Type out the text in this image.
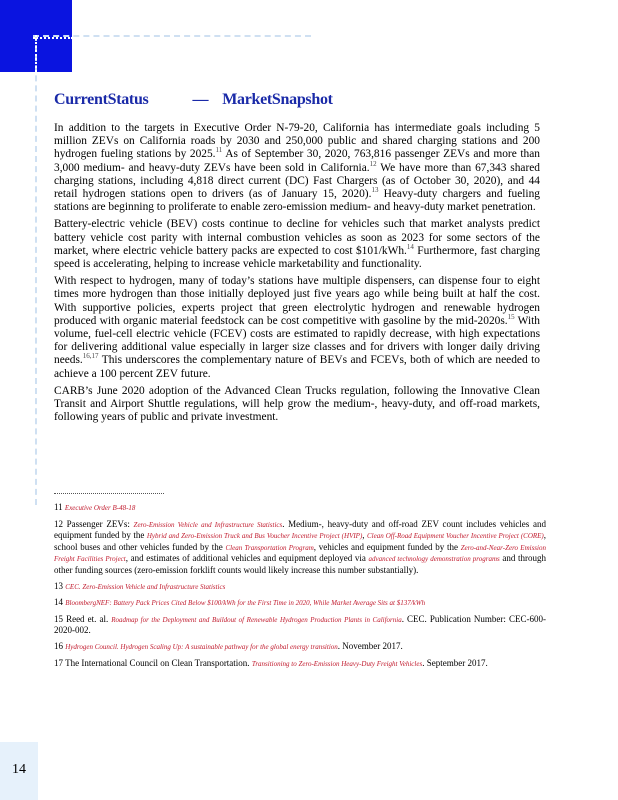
CurrentStatus	— MarketSnapshot

In addition to the targets in Executive Order N-79-20, California has intermediate goals including 5 million ZEVs on California roads by 2030 and 250,000 public and shared charging stations and 200 hydrogen fueling stations by 2025.11 As of September 30, 2020, 763,816 passenger ZEVs and more than 3,000 medium- and heavy-duty ZEVs have been sold in California.$^{12}$ We have more than 67,343 shared charging stations, including 4,818 direct current (DC) Fast Chargers (as of October 30, 2020), and 44 retail hydrogen stations open to drivers (as of January 15, 2020).$^{13}$ Heavy-duty chargers and fueling stations are beginning to proliferate to enable zero-emission medium- and heavy-duty market penetration.

Battery-electric vehicle (BEV) costs continue to decline for vehicles such that market analysts predict battery vehicle cost parity with internal combustion vehicles as soon as 2023 for some sectors of the market, where electric vehicle battery packs are expected to cost $101/kWh.$^{14}$ Furthermore, fast charging speed is accelerating, helping to increase vehicle marketability and functionality.

With respect to hydrogen, many of today’s stations have multiple dispensers, can dispense four to eight times more hydrogen than those initially deployed just five years ago while being built at half the cost. With supportive policies, experts project that green electrolytic hydrogen and renewable hydrogen produced with organic material feedstock can be cost competitive with gasoline by the mid-2020s.$^{15}$ With volume, fuel-cell electric vehicle (FCEV) costs are estimated to rapidly decrease, with high expectations for delivering additional value especially in larger size classes and for drivers with longer daily driving needs.$^{16,17}$ This underscores the complementary nature of BEVs and FCEVs, both of which are needed to achieve a 100 percent ZEV future.

CARB’s June 2020 adoption of the Advanced Clean Trucks regulation, following the Innovative Clean Transit and Airport Shuttle regulations, will help grow the medium-, heavy-duty, and off-road markets, following years of public and private investment.

11 Executive Order B-48-18
12 Passenger ZEVs: Zero-Emission Vehicle and Infrastructure Statistics. Medium-, heavy-duty and off-road ZEV count includes vehicles and equipment funded by the Hybrid and Zero-Emission Truck and Bus Voucher Incentive Project (HVIP), Clean Off-Road Equipment Voucher Incentive Project (CORE), school buses and other vehicles funded by the Clean Transportation Program, vehicles and equipment funded by the Zero-and-Near-Zero Emission Freight Facilities Project, and estimates of additional vehicles and equipment deployed via advanced technology demonstration programs and through other funding sources (zero-emission forklift counts would likely increase this number substantially).
13 CEC. Zero-Emission Vehicle and Infrastructure Statistics
14 BloombergNEF: Battery Pack Prices Cited Below $100/kWh for the First Time in 2020, While Market Average Sits at $137/kWh
15 Reed et. al. Roadmap for the Deployment and Buildout of Renewable Hydrogen Production Plants in California. CEC. Publication Number: CEC-600-2020-002.
16 Hydrogen Council. Hydrogen Scaling Up: A sustainable pathway for the global energy transition. November 2017.
17 The International Council on Clean Transportation. Transitioning to Zero-Emission Heavy-Duty Freight Vehicles. September 2017.
14
